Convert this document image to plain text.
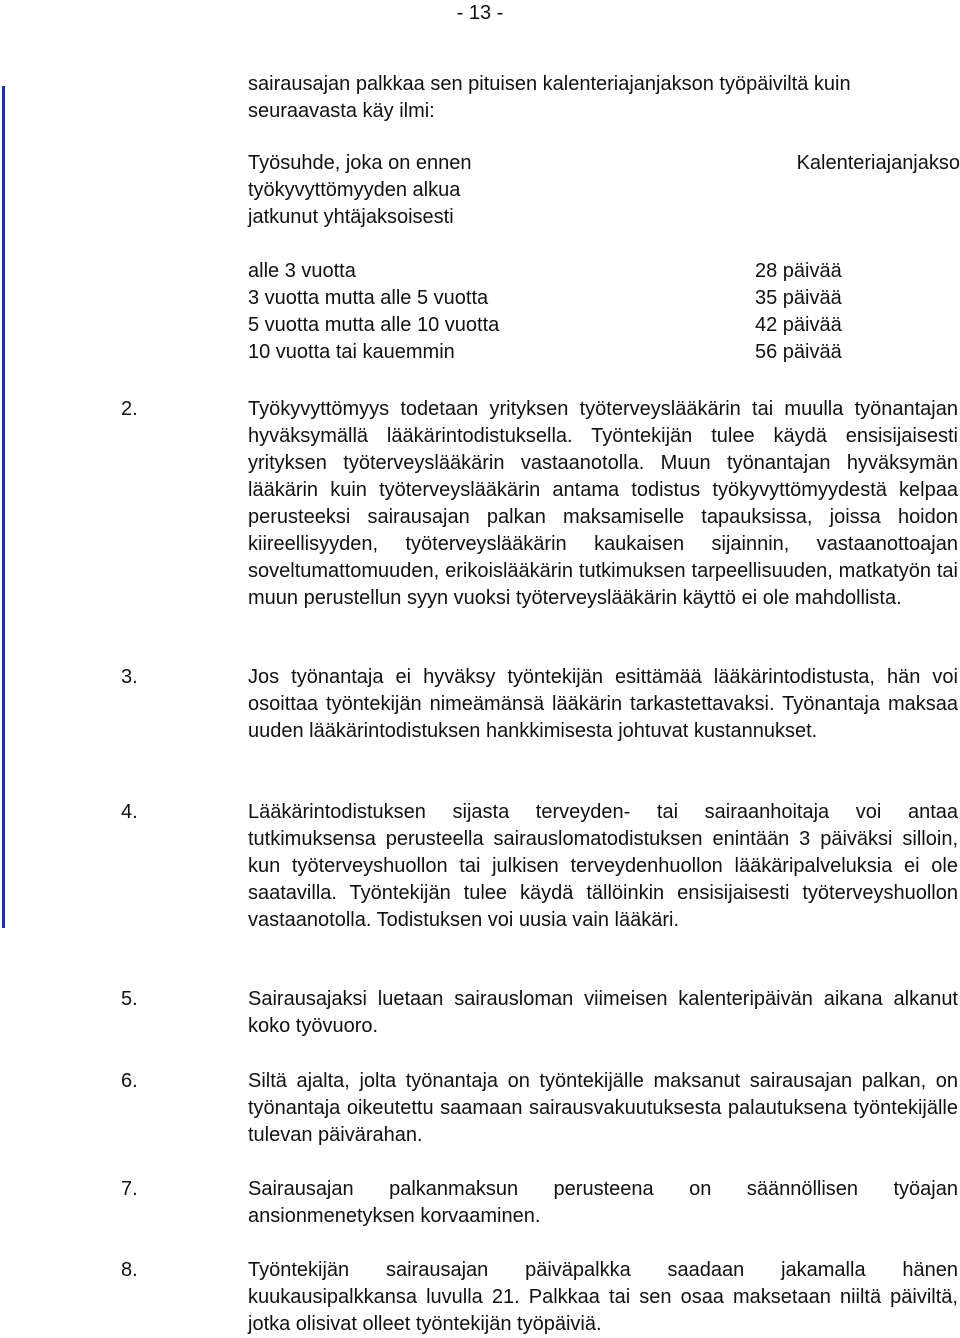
- 13 -
sairausajan palkkaa sen pituisen kalenteriajanjakson työpäiviltä kuin seuraavasta käy ilmi:
Työsuhde, joka on ennen
työkyvyttömyyden alkua
jatkunut yhtäjaksoisesti
Kalenteriajanjakso
alle 3 vuotta	28 päivää
3 vuotta mutta alle 5 vuotta	35 päivää
5 vuotta mutta alle 10 vuotta	42 päivää
10 vuotta tai kauemmin	56 päivää
2.	Työkyvyttömyys todetaan yrityksen työterveyslääkärin tai muulla työnantajan hyväksymällä lääkärintodistuksella. Työntekijän tulee käydä ensisijaisesti yrityksen työterveyslääkärin vastaanotolla. Muun työnantajan hyväksymän lääkärin kuin työterveyslääkärin antama todistus työkyvyttömyydestä kelpaa perusteeksi sairausajan palkan maksamiselle tapauksissa, joissa hoidon kiireellisyyden, työterveyslääkärin kaukaisen sijainnin, vastaanottoajan soveltumattomuuden, erikoislääkärin tutkimuksen tarpeellisuuden, matkatyön tai muun perustellun syyn vuoksi työterveyslääkärin käyttö ei ole mahdollista.
3.	Jos työnantaja ei hyväksy työntekijän esittämää lääkärintodistusta, hän voi osoittaa työntekijän nimeämänsä lääkärin tarkastettavaksi. Työnantaja maksaa uuden lääkärintodistuksen hankkimisesta johtuvat kustannukset.
4.	Lääkärintodistuksen sijasta terveyden- tai sairaanhoitaja voi antaa tutkimuksensa perusteella sairauslomatodistuksen enintään 3 päiväksi silloin, kun työterveyshuollon tai julkisen terveydenhuollon lääkäripalveluksia ei ole saatavilla. Työntekijän tulee käydä tällöinkin ensisijaisesti työterveyshuollon vastaanotolla. Todistuksen voi uusia vain lääkäri.
5.	Sairausajaksi luetaan sairausloman viimeisen kalenteripäivän aikana alkanut koko työvuoro.
6.	Siltä ajalta, jolta työnantaja on työntekijälle maksanut sairausajan palkan, on työnantaja oikeutettu saamaan sairausvakuutuksesta palautuksena työntekijälle tulevan päivärahan.
7.	Sairausajan palkanmaksun perusteena on säännöllisen työajan ansionmenetyksen korvaaminen.
8.	Työntekijän sairausajan päiväpalkka saadaan jakamalla hänen kuukausipalkkansa luvulla 21. Palkkaa tai sen osaa maksetaan niiltä päiviltä, jotka olisivat olleet työntekijän työpäiviä.
